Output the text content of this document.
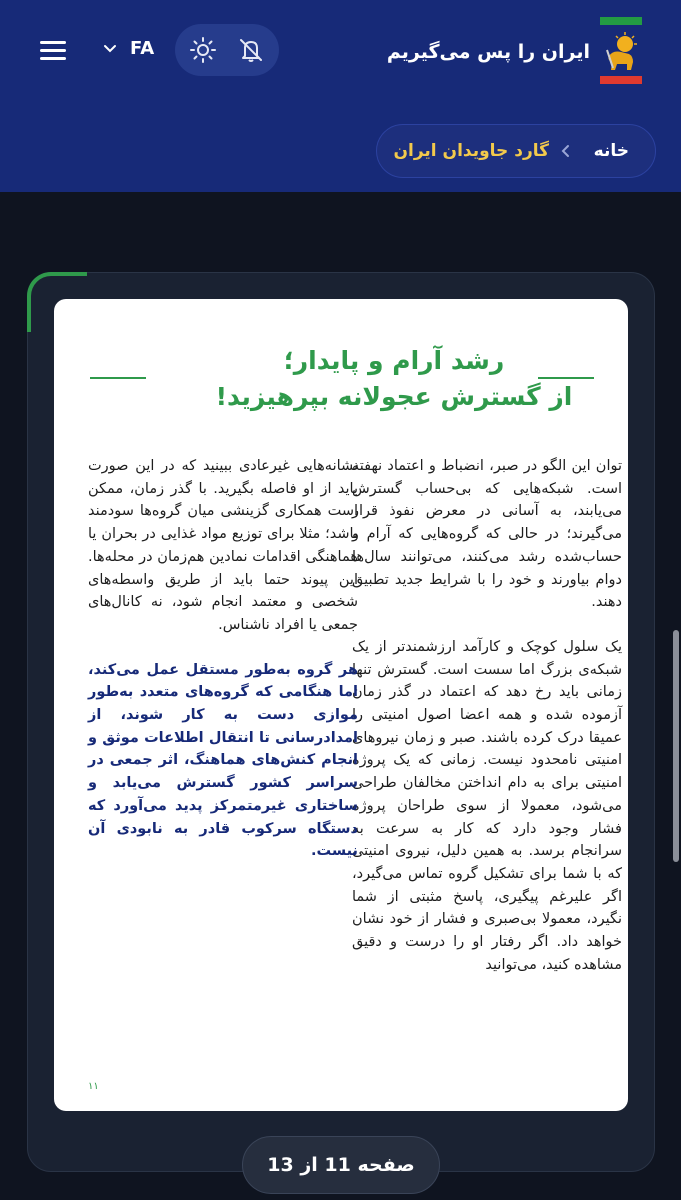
ایران را پس می‌گیریم
FA
خانه
گارد جاویدان ایران
رشد آرام و پایدار؛
از گسترش عجولانه بپرهیزید!

توان این الگو در صبر، انضباط و اعتماد نهفته است. شبکه‌هایی که بی‌حساب گسترش می‌یابند، به آسانی در معرض نفوذ قرار می‌گیرند؛ در حالی که گروه‌هایی که آرام و حساب‌شده رشد می‌کنند، می‌توانند سال‌ها دوام بیاورند و خود را با شرایط جدید تطبیق دهند.

یک سلول کوچک و کارآمد ارزشمندتر از یک شبکه‌ی بزرگ اما سست است. گسترش تنها زمانی باید رخ دهد که اعتماد در گذر زمان آزموده شده و همه اعضا اصول امنیتی را عمیقا درک کرده باشند. صبر و زمان نیروهای امنیتی نامحدود نیست. زمانی که یک پروژه امنیتی برای به دام انداختن مخالفان طراحی می‌شود، معمولا از سوی طراحان پروژه فشار وجود دارد که کار به سرعت به سرانجام برسد. به همین دلیل، نیروی امنیتی که با شما برای تشکیل گروه تماس می‌گیرد، اگر علیرغم پیگیری، پاسخ مثبتی از شما نگیرد، معمولا بی‌صبری و فشار از خود نشان خواهد داد. اگر رفتار او را درست و دقیق مشاهده کنید، می‌توانید

نشانه‌هایی غیرعادی ببینید که در این صورت باید از او فاصله بگیرید. با گذر زمان، ممکن است همکاری گزینشی میان گروه‌ها سودمند باشد؛ مثلا برای توزیع مواد غذایی در بحران یا هماهنگی اقدامات نمادین هم‌زمان در محله‌ها. این پیوند حتما باید از طریق واسطه‌های شخصی و معتمد انجام شود، نه کانال‌های جمعی یا افراد ناشناس.

هر گروه به‌طور مستقل عمل می‌کند، اما هنگامی که گروه‌های متعدد به‌طور موازی دست به کار شوند، از امدادرسانی تا انتقال اطلاعات موثق و انجام کنش‌های هماهنگ، اثر جمعی در سراسر کشور گسترش می‌یابد و ساختاری غیرمتمرکز پدید می‌آورد که دستگاه سرکوب قادر به نابودی آن نیست.

۱۱
صفحه 11 از 13
